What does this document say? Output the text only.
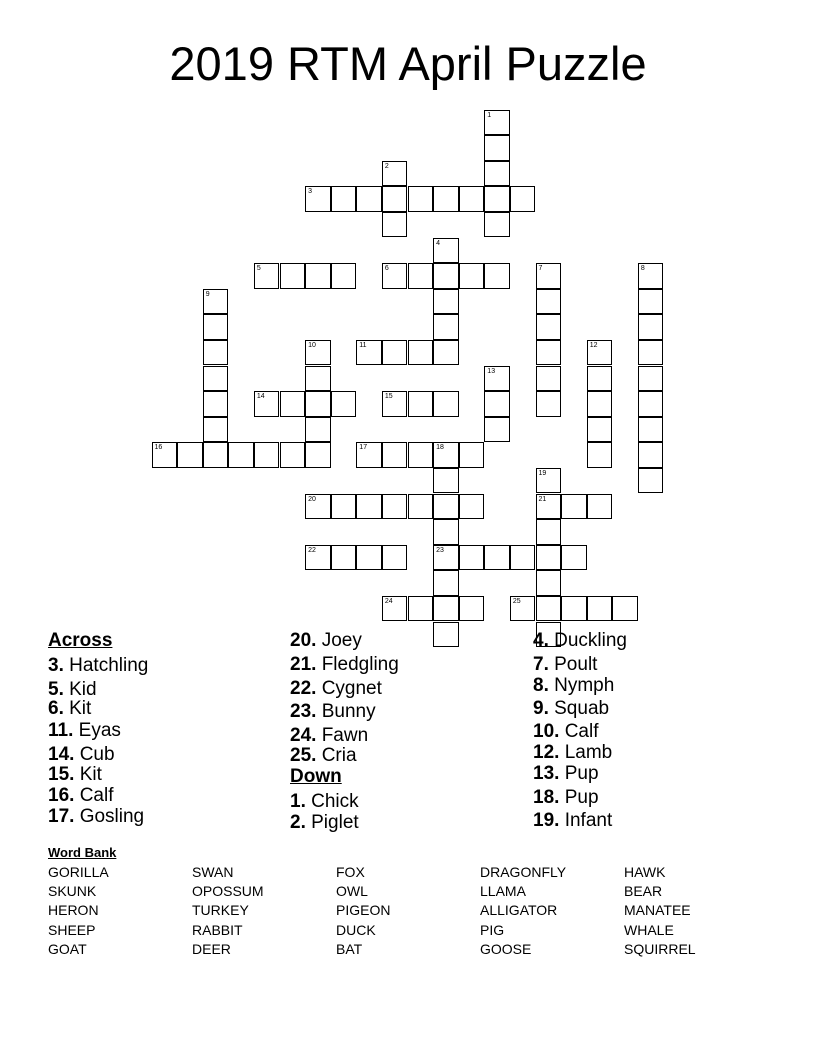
2019 RTM April Puzzle
3
5	6
11
14	15
16	17	18
20	21
22	23
24	25
1
2
4
7	8
9
10	12
13
19
Across
3. Hatchling
5. Kid
6. Kit
11. Eyas
14. Cub
15. Kit
16. Calf
17. Gosling
20. Joey
21. Fledgling
22. Cygnet
23. Bunny
24. Fawn
25. Cria
Down
1. Chick
2. Piglet
4. Duckling
7. Poult
8. Nymph
9. Squab
10. Calf
12. Lamb
13. Pup
18. Pup
19. Infant
Word Bank
GORILLA
SKUNK
HERON
SHEEP
GOAT
SWAN
OPOSSUM
TURKEY
RABBIT
DEER
FOX
OWL
PIGEON
DUCK
BAT
DRAGONFLY
LLAMA
ALLIGATOR
PIG
GOOSE
HAWK
BEAR
MANATEE
WHALE
SQUIRREL
